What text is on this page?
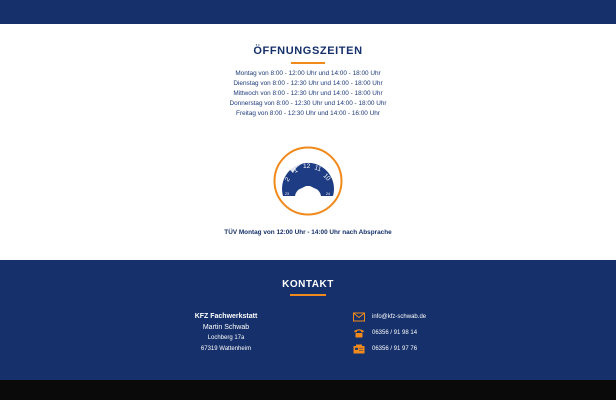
ÖFFNUNGSZEITEN
Montag von 8:00 - 12:00 Uhr und 14:00 - 18:00 Uhr
Dienstag von 8:00 - 12:30 Uhr und 14:00 - 18:00 Uhr
Mittwoch von 8:00 - 12:30 Uhr und 14:00 - 18:00 Uhr
Donnerstag von 8:00 - 12:30 Uhr und 14:00 - 18:00 Uhr
Freitag von 8:00 - 12:30 Uhr und 14:00 - 16:00 Uhr
2
1
12 11
10
23	24
TÜV Montag von 12:00 Uhr - 14:00 Uhr nach Absprache
KONTAKT
KFZ Fachwerkstatt
Martin Schwab
Lochberg 17a
67319 Wattenheim
info@kfz-schwab.de
06356 / 91 98 14
06356 / 91 97 76
